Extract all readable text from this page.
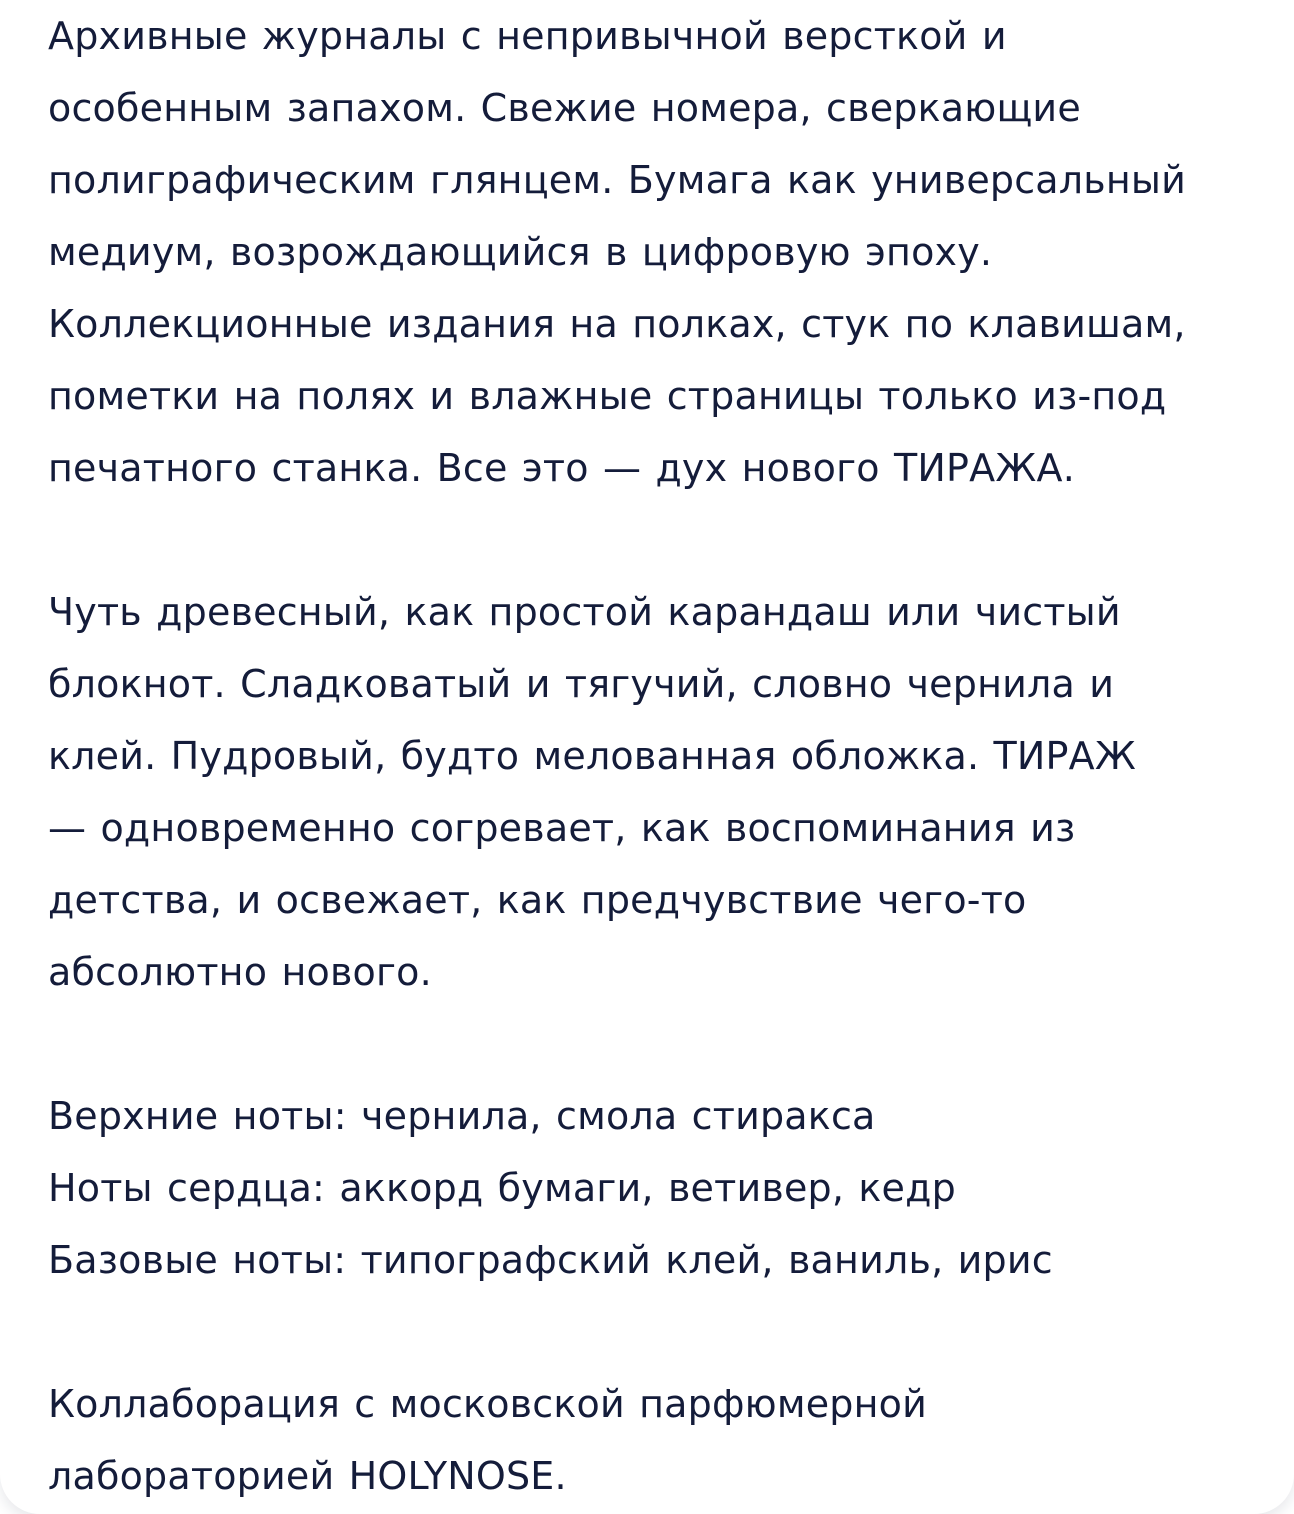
Архивные журналы с непривычной версткой и
особенным запахом. Свежие номера, сверкающие
полиграфическим глянцем. Бумага как универсальный
медиум, возрождающийся в цифровую эпоху.
Коллекционные издания на полках, стук по клавишам,
пометки на полях и влажные страницы только из-под
печатного станка. Все это — дух нового ТИРАЖА.

Чуть древесный, как простой карандаш или чистый
блокнот. Сладковатый и тягучий, словно чернила и
клей. Пудровый, будто мелованная обложка. ТИРАЖ
— одновременно согревает, как воспоминания из
детства, и освежает, как предчувствие чего-то
абсолютно нового.

Верхние ноты: чернила, смола стиракса
Ноты сердца: аккорд бумаги, ветивер, кедр
Базовые ноты: типографский клей, ваниль, ирис

Коллаборация с московской парфюмерной
лабораторией HOLYNOSE.
